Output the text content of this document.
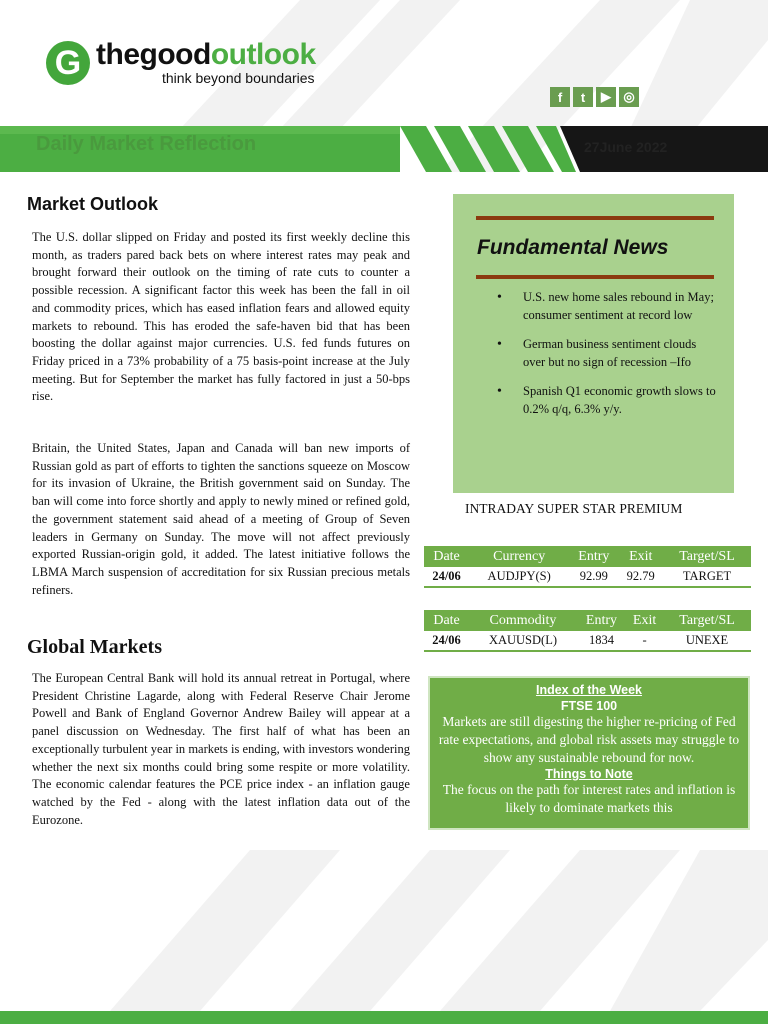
G thegoodoutlook
think beyond boundaries
f	t	▶ ◎
Daily Market Reflection	27June 2022
Market Outlook

The U.S. dollar slipped on Friday and posted its first weekly decline this month, as traders pared back bets on where interest rates may peak and brought forward their outlook on the timing of rate cuts to counter a possible recession. A significant factor this week has been the fall in oil and commodity prices, which has eased inflation fears and allowed equity markets to rebound. This has eroded the safe-haven bid that has been boosting the dollar against major currencies. U.S. fed funds futures on Friday priced in a 73% probability of a 75 basis-point increase at the July meeting. But for September the market has fully factored in just a 50-bps rise.

Britain, the United States, Japan and Canada will ban new imports of Russian gold as part of efforts to tighten the sanctions squeeze on Moscow for its invasion of Ukraine, the British government said on Sunday. The ban will come into force shortly and apply to newly mined or refined gold, the government statement said ahead of a meeting of Group of Seven leaders in Germany on Sunday. The move will not affect previously exported Russian-origin gold, it added. The latest initiative follows the LBMA March suspension of accreditation for six Russian precious metals refiners.

Global Markets

The European Central Bank will hold its annual retreat in Portugal, where President Christine Lagarde, along with Federal Reserve Chair Jerome Powell and Bank of England Governor Andrew Bailey will appear at a panel discussion on Wednesday. The first half of what has been an exceptionally turbulent year in markets is ending, with investors wondering whether the next six months could bring some respite or more volatility. The economic calendar features the PCE price index - an inflation gauge watched by the Fed - along with the latest inflation data out of the Eurozone.

Fundamental News
• U.S. new home sales rebound in May; consumer sentiment at record low
• German business sentiment clouds over but no sign of recession –Ifo
• Spanish Q1 economic growth slows to 0.2% q/q, 6.3% y/y.
INTRADAY SUPER STAR PREMIUM
Date	Currency	Entry	Exit	Target/SL
24/06	AUDJPY(S)	92.99	92.79	TARGET
Date	Commodity	Entry	Exit	Target/SL
24/06	XAUUSD(L)	1834	-	UNEXE
Index of the Week
FTSE 100
Markets are still digesting the higher re-pricing of Fed rate expectations, and global risk assets may struggle to show any sustainable rebound for now.
Things to Note
The focus on the path for interest rates and inflation is likely to dominate markets this
